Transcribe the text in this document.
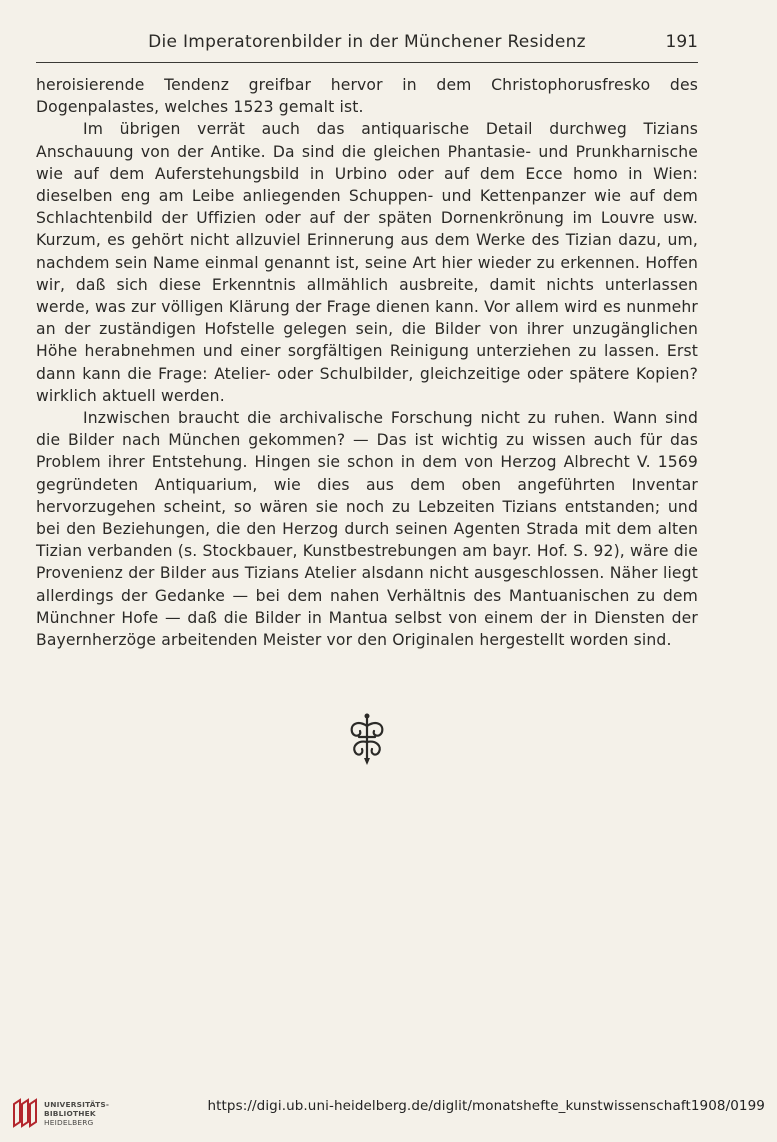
Die Imperatorenbilder in der Münchener Residenz	191

heroisierende Tendenz greifbar hervor in dem Christophorusfresko des Dogenpalastes, welches 1523 gemalt ist.

Im übrigen verrät auch das antiquarische Detail durchweg Tizians Anschauung von der Antike. Da sind die gleichen Phantasie- und Prunkharnische wie auf dem Auferstehungsbild in Urbino oder auf dem Ecce homo in Wien: dieselben eng am Leibe anliegenden Schuppen- und Kettenpanzer wie auf dem Schlachtenbild der Uffizien oder auf der späten Dornenkrönung im Louvre usw. Kurzum, es gehört nicht allzuviel Erinnerung aus dem Werke des Tizian dazu, um, nachdem sein Name einmal genannt ist, seine Art hier wieder zu erkennen. Hoffen wir, daß sich diese Erkenntnis allmählich ausbreite, damit nichts unterlassen werde, was zur völligen Klärung der Frage dienen kann. Vor allem wird es nunmehr an der zuständigen Hofstelle gelegen sein, die Bilder von ihrer unzugänglichen Höhe herabnehmen und einer sorgfältigen Reinigung unterziehen zu lassen. Erst dann kann die Frage: Atelier- oder Schulbilder, gleichzeitige oder spätere Kopien? wirklich aktuell werden.

Inzwischen braucht die archivalische Forschung nicht zu ruhen. Wann sind die Bilder nach München gekommen? — Das ist wichtig zu wissen auch für das Problem ihrer Entstehung. Hingen sie schon in dem von Herzog Albrecht V. 1569 gegründeten Antiquarium, wie dies aus dem oben angeführten Inventar hervorzugehen scheint, so wären sie noch zu Lebzeiten Tizians entstanden; und bei den Beziehungen, die den Herzog durch seinen Agenten Strada mit dem alten Tizian verbanden (s. Stockbauer, Kunstbestrebungen am bayr. Hof. S. 92), wäre die Provenienz der Bilder aus Tizians Atelier alsdann nicht ausgeschlossen. Näher liegt allerdings der Gedanke — bei dem nahen Verhältnis des Mantuanischen zu dem Münchner Hofe — daß die Bilder in Mantua selbst von einem der in Diensten der Bayernherzöge arbeitenden Meister vor den Originalen hergestellt worden sind.

UNIVERSITÄTS-
BIBLIOTHEK
HEIDELBERG
https://digi.ub.uni-heidelberg.de/diglit/monatshefte_kunstwissenschaft1908/0199
